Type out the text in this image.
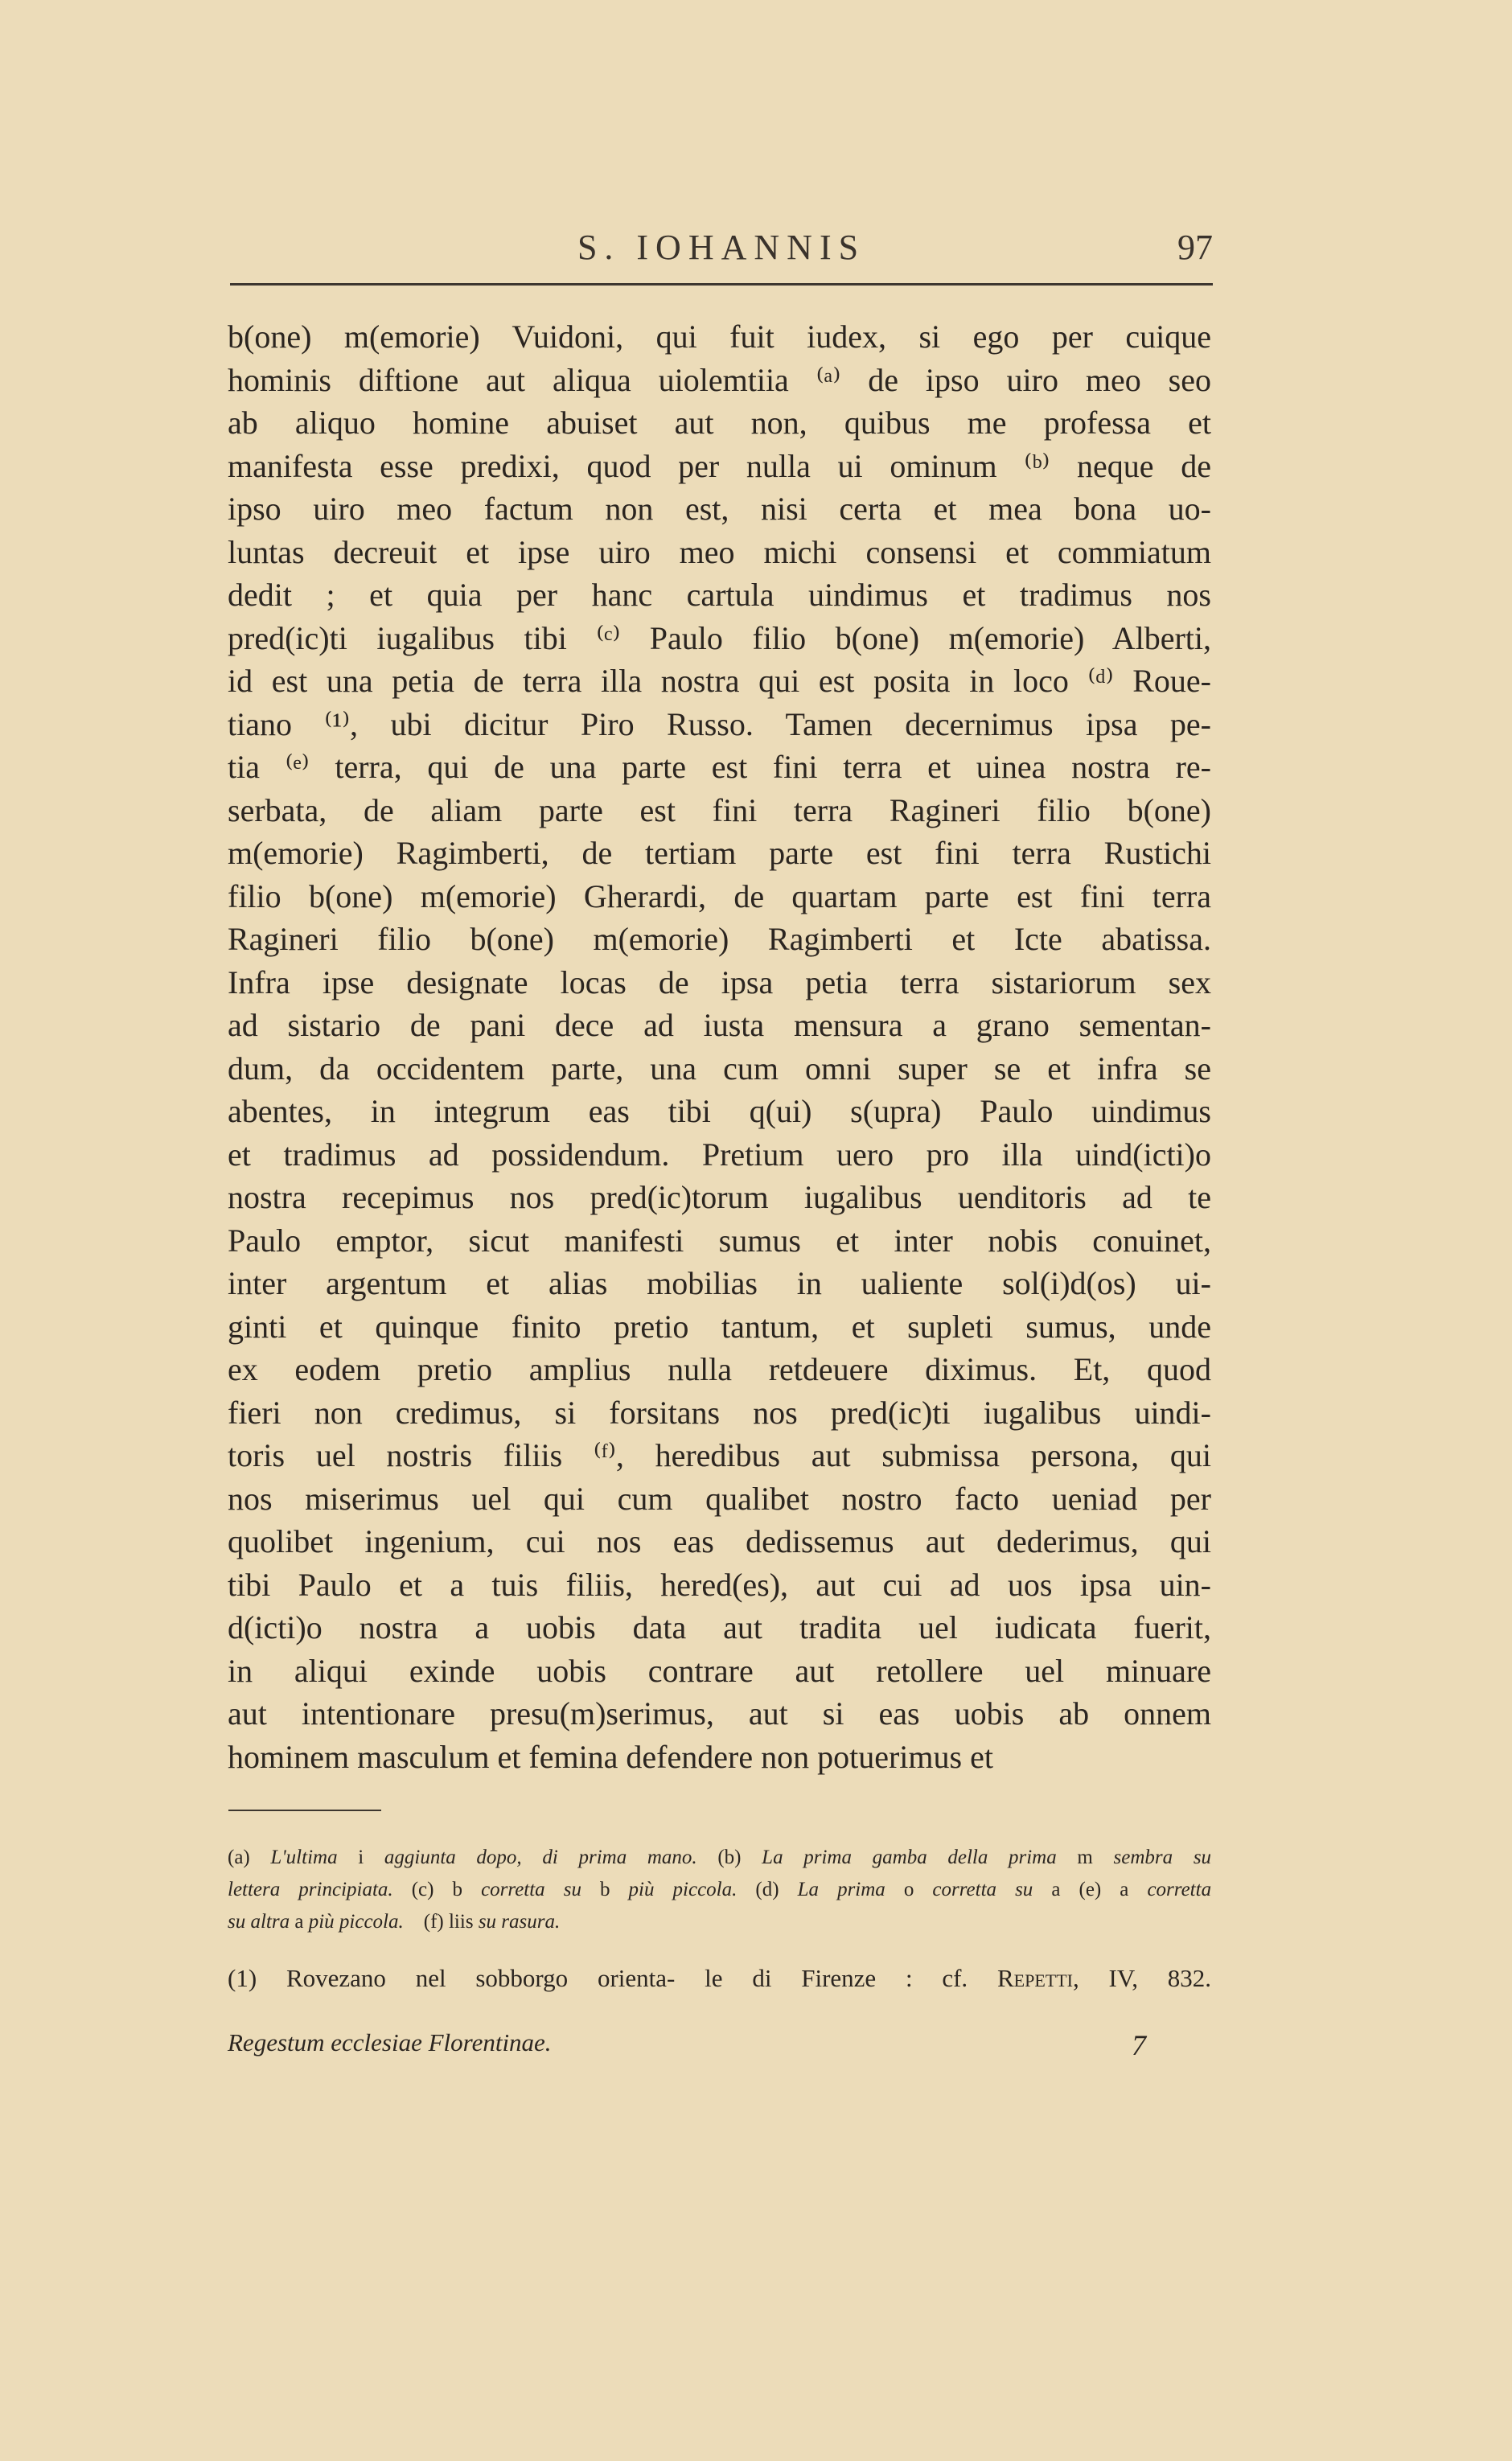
S. IOHANNIS	97
b(one) m(emorie) Vuidoni, qui fuit iudex, si ego per cuique
hominis diftione aut aliqua uiolemtiia ⁽ᵃ⁾ de ipso uiro meo seo
ab aliquo homine abuiset aut non, quibus me professa et
manifesta esse predixi, quod per nulla ui ominum ⁽ᵇ⁾ neque de
ipso uiro meo factum non est, nisi certa et mea bona uo-
luntas decreuit et ipse uiro meo michi consensi et commiatum
dedit ; et quia per hanc cartula uindimus et tradimus nos
pred(ic)ti iugalibus tibi ⁽ᶜ⁾ Paulo filio b(one) m(emorie) Alberti,
id est una petia de terra illa nostra qui est posita in loco ⁽ᵈ⁾ Roue-
tiano ⁽¹⁾, ubi dicitur Piro Russo. Tamen decernimus ipsa pe-
tia ⁽ᵉ⁾ terra, qui de una parte est fini terra et uinea nostra re-
serbata, de aliam parte est fini terra Ragineri filio b(one)
m(emorie) Ragimberti, de tertiam parte est fini terra Rustichi
filio b(one) m(emorie) Gherardi, de quartam parte est fini terra
Ragineri filio b(one) m(emorie) Ragimberti et Icte abatissa.
Infra ipse designate locas de ipsa petia terra sistariorum sex
ad sistario de pani dece ad iusta mensura a grano sementan-
dum, da occidentem parte, una cum omni super se et infra se
abentes, in integrum eas tibi q(ui) s(upra) Paulo uindimus
et tradimus ad possidendum. Pretium uero pro illa uind(icti)o
nostra recepimus nos pred(ic)torum iugalibus uenditoris ad te
Paulo emptor, sicut manifesti sumus et inter nobis conuinet,
inter argentum et alias mobilias in ualiente sol(i)d(os) ui-
ginti et quinque finito pretio tantum, et supleti sumus, unde
ex eodem pretio amplius nulla retdeuere diximus. Et, quod
fieri non credimus, si forsitans nos pred(ic)ti iugalibus uindi-
toris uel nostris filiis ⁽ᶠ⁾, heredibus aut submissa persona, qui
nos miserimus uel qui cum qualibet nostro facto ueniad per
quolibet ingenium, cui nos eas dedissemus aut dederimus, qui
tibi Paulo et a tuis filiis, hered(es), aut cui ad uos ipsa uin-
d(icti)o nostra a uobis data aut tradita uel iudicata fuerit,
in aliqui exinde uobis contrare aut retollere uel minuare
aut intentionare presu(m)serimus, aut si eas uobis ab onnem
hominem masculum et femina defendere non potuerimus et
(a) L'ultima i aggiunta dopo, di prima mano. (b) La prima gamba della prima m sembra su
lettera principiata. (c) b corretta su b più piccola. (d) La prima o corretta su a (e) a corretta
su altra a più piccola. (f) liis su rasura.
(1) Rovezano nel sobborgo orienta- le di Firenze : cf. Repetti, IV, 832.
Regestum ecclesiae Florentinae.	7
